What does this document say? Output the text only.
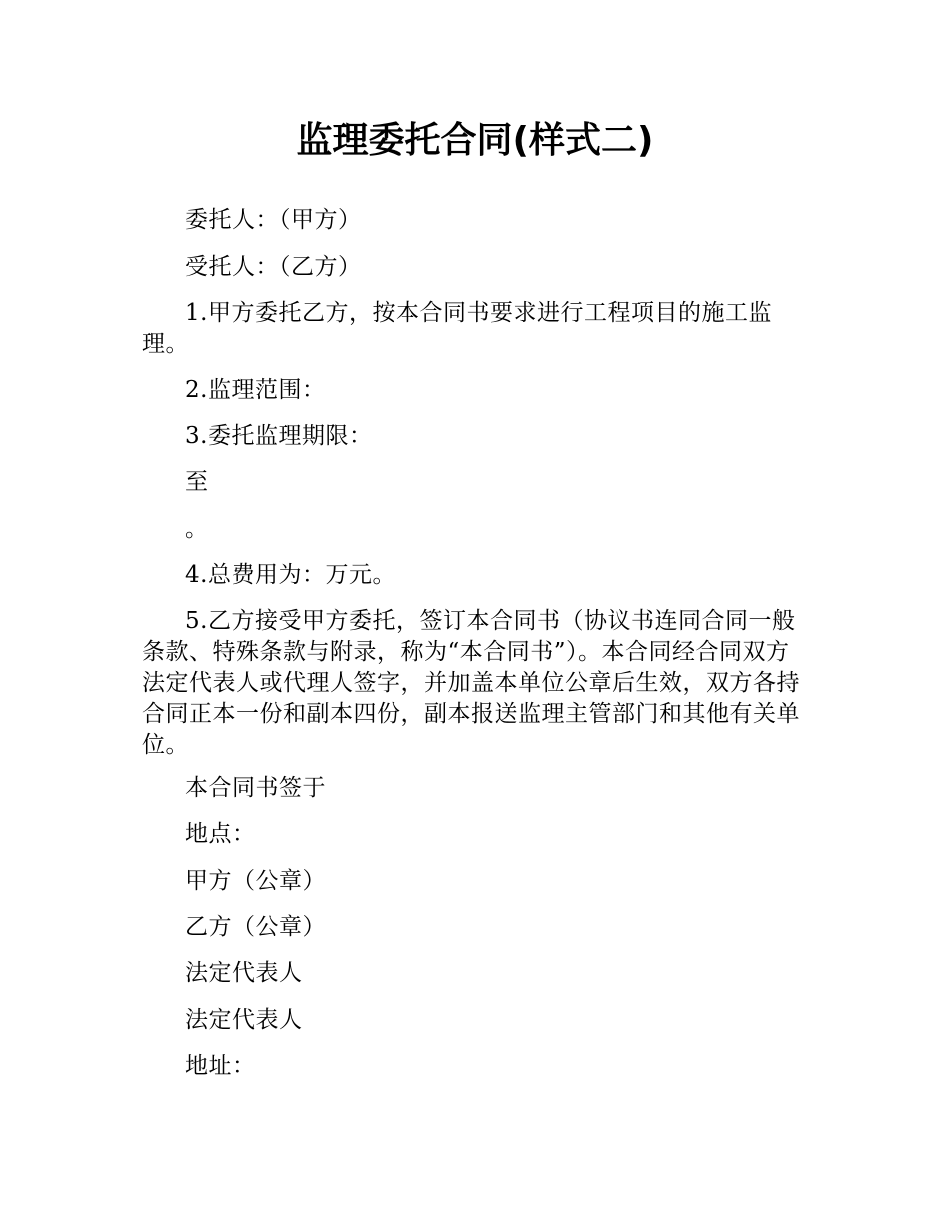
监理委托合同(样式二)

委托人：（甲方）

受托人：（乙方）

1.甲方委托乙方，按本合同书要求进行工程项目的施工监理。

2.监理范围：

3.委托监理期限：

至

。

4.总费用为：万元。

5.乙方接受甲方委托，签订本合同书（协议书连同合同一般条款、特殊条款与附录，称为“本合同书”）。本合同经合同双方法定代表人或代理人签字，并加盖本单位公章后生效，双方各持合同正本一份和副本四份，副本报送监理主管部门和其他有关单位。

本合同书签于

地点：

甲方（公章）

乙方（公章）

法定代表人

法定代表人

地址：
